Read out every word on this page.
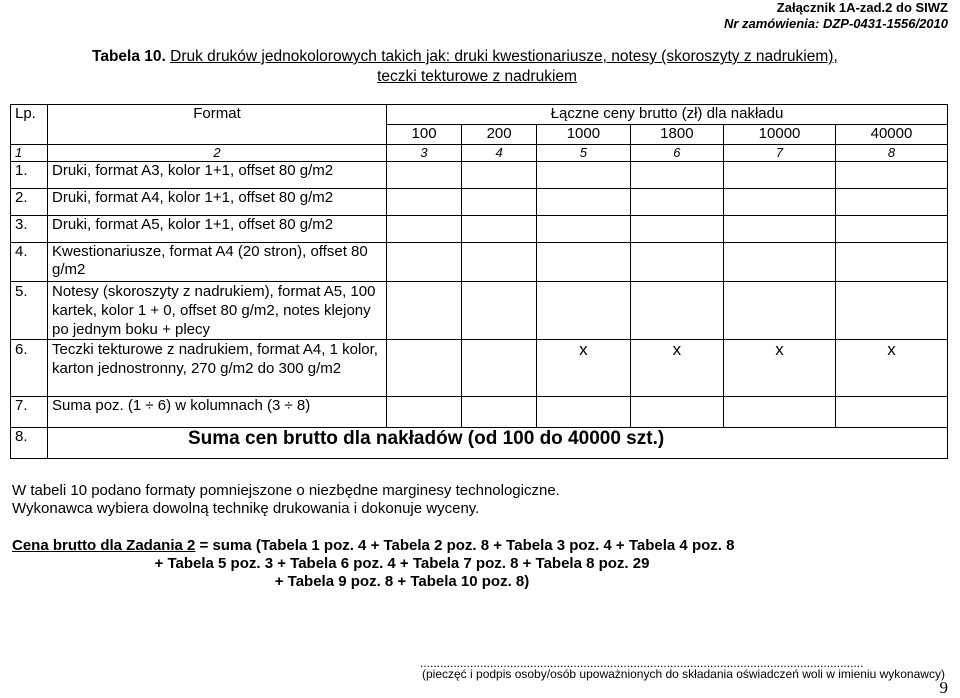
Załącznik 1A-zad.2 do SIWZ
Nr zamówienia: DZP-0431-1556/2010
Tabela 10. Druk druków jednokolorowych takich jak: druki kwestionariusze, notesy (skoroszyty z nadrukiem),
teczki tekturowe z nadrukiem
Lp.	Format	Łączne ceny brutto (zł) dla nakładu					
		100	200	1000	1800	10000	40000
1	2	3	4	5	6	7	8
1.	Druki, format A3, kolor 1+1, offset 80 g/m2						
2.	Druki, format A4, kolor 1+1, offset 80 g/m2						
3.	Druki, format A5, kolor 1+1, offset 80 g/m2						
4.	Kwestionariusze, format A4 (20 stron), offset 80 g/m2						
5.	Notesy (skoroszyty z nadrukiem), format A5, 100 kartek, kolor 1 + 0, offset 80 g/m2, notes klejony po jednym boku + plecy						
6.	Teczki tekturowe z nadrukiem, format A4, 1 kolor, karton jednostronny, 270 g/m2 do 300 g/m2			x	x	x	x
7.	Suma poz. (1 ÷ 6) w kolumnach (3 ÷ 8)						
8.	Suma cen brutto dla nakładów (od 100 do 40000 szt.)						
W tabeli 10 podano formaty pomniejszone o niezbędne marginesy technologiczne.
Wykonawca wybiera dowolną technikę drukowania i dokonuje wyceny.
Cena brutto dla Zadania 2 = suma (Tabela 1 poz. 4 + Tabela 2 poz. 8 + Tabela 3 poz. 4 + Tabela 4 poz. 8
+ Tabela 5 poz. 3 + Tabela 6 poz. 4 + Tabela 7 poz. 8 + Tabela 8 poz. 29
+ Tabela 9 poz. 8 + Tabela 10 poz. 8)
.....................................................................................................................................
(pieczęć i podpis osoby/osób upoważnionych do składania oświadczeń woli w imieniu wykonawcy)
9
